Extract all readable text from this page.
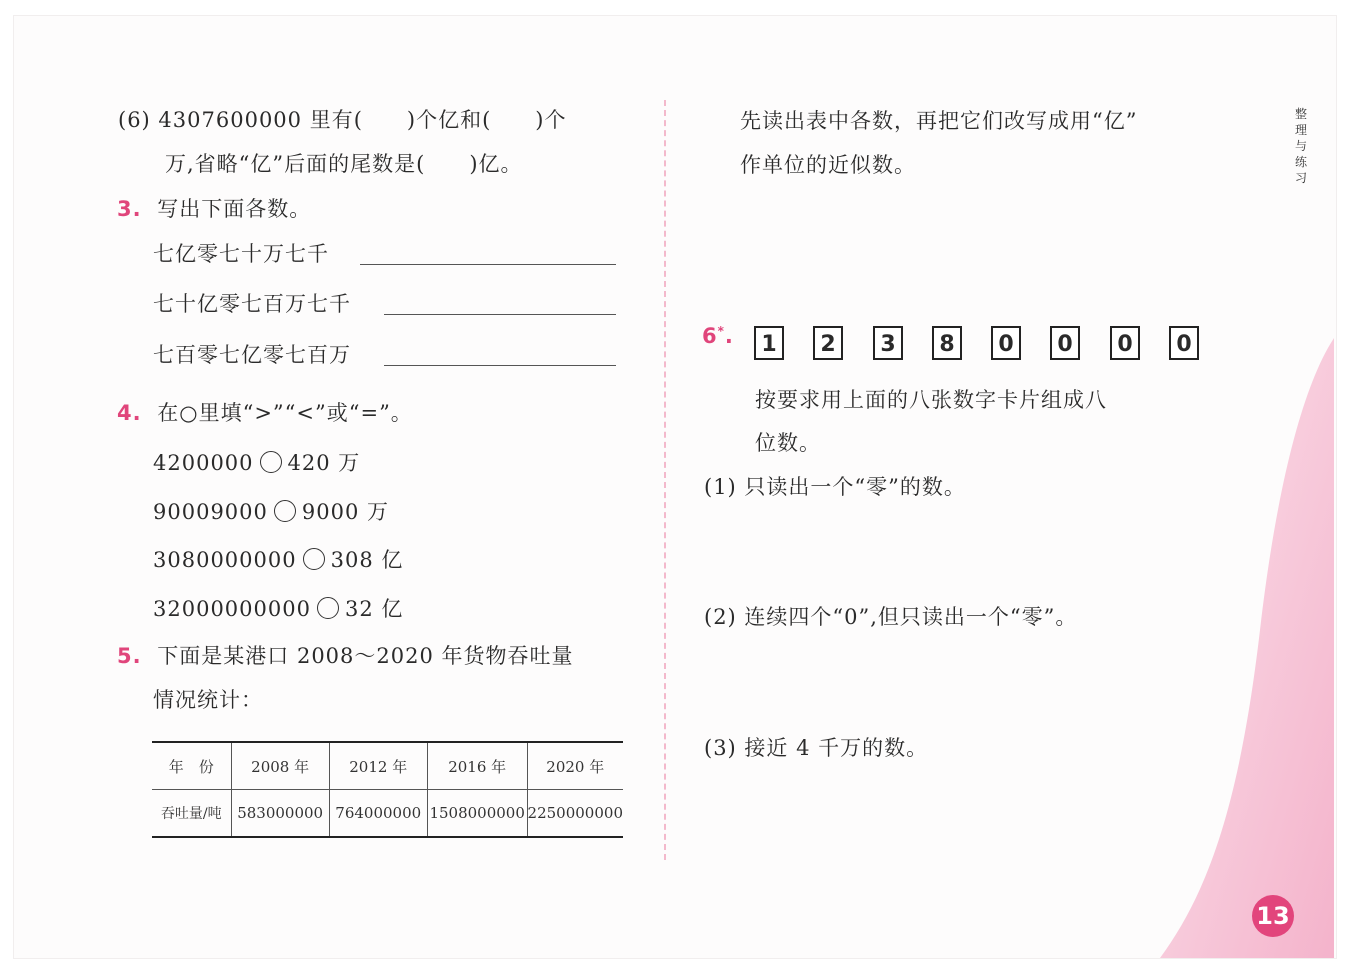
(6) 4307600000 里有(　　)个亿和(　　)个
万,省略“亿”后面的尾数是(　　)亿。
3. 写出下面各数。
七亿零七十万七千
七十亿零七百万七千
七百零七亿零七百万
4. 在○里填“>”“<”或“=”。
4200000 420 万
90009000 9000 万
3080000000 308 亿
32000000000 32 亿
5. 下面是某港口 2008～2020 年货物吞吐量
情况统计：
年　份	2008 年	2012 年	2016 年	2020 年
吞吐量/吨	583000000	764000000	1508000000	2250000000
先读出表中各数，再把它们改写成用“亿”
作单位的近似数。
6*.	1	2	3	8	0	0	0	0
按要求用上面的八张数字卡片组成八
位数。
(1) 只读出一个“零”的数。
(2) 连续四个“0”,但只读出一个“零”。
(3) 接近 4 千万的数。
整理与练习
13
